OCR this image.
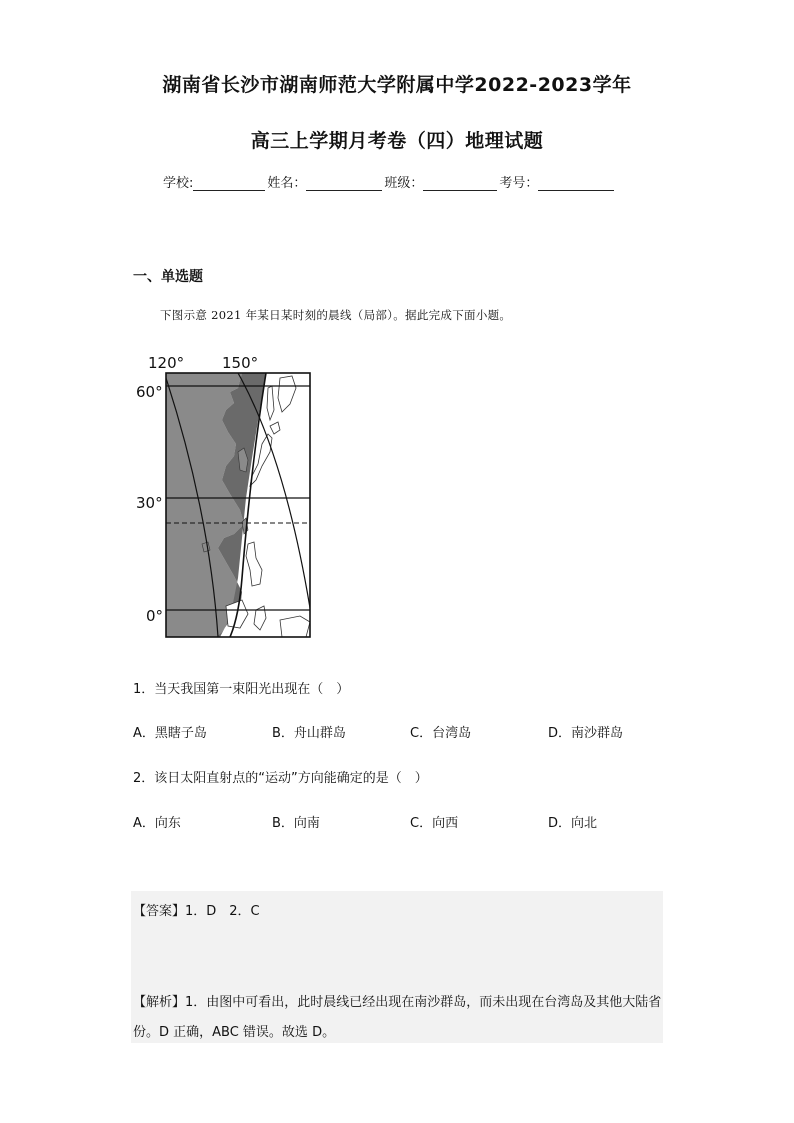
湖南省长沙市湖南师范大学附属中学2022-2023学年
高三上学期月考卷（四）地理试题
学校:	姓名：	班级：	考号：
一、单选题
下图示意 2021 年某日某时刻的晨线（局部）。据此完成下面小题。
120°	150°
60°
30°
0°
1．当天我国第一束阳光出现在（　）
A．黑瞎子岛	B．舟山群岛	C．台湾岛	D．南沙群岛
2．该日太阳直射点的“运动”方向能确定的是（　）
A．向东	B．向南	C．向西	D．向北
【答案】1．D　2．C
【解析】1．由图中可看出，此时晨线已经出现在南沙群岛，而未出现在台湾岛及其他大陆省份。D 正确，ABC 错误。故选 D。
